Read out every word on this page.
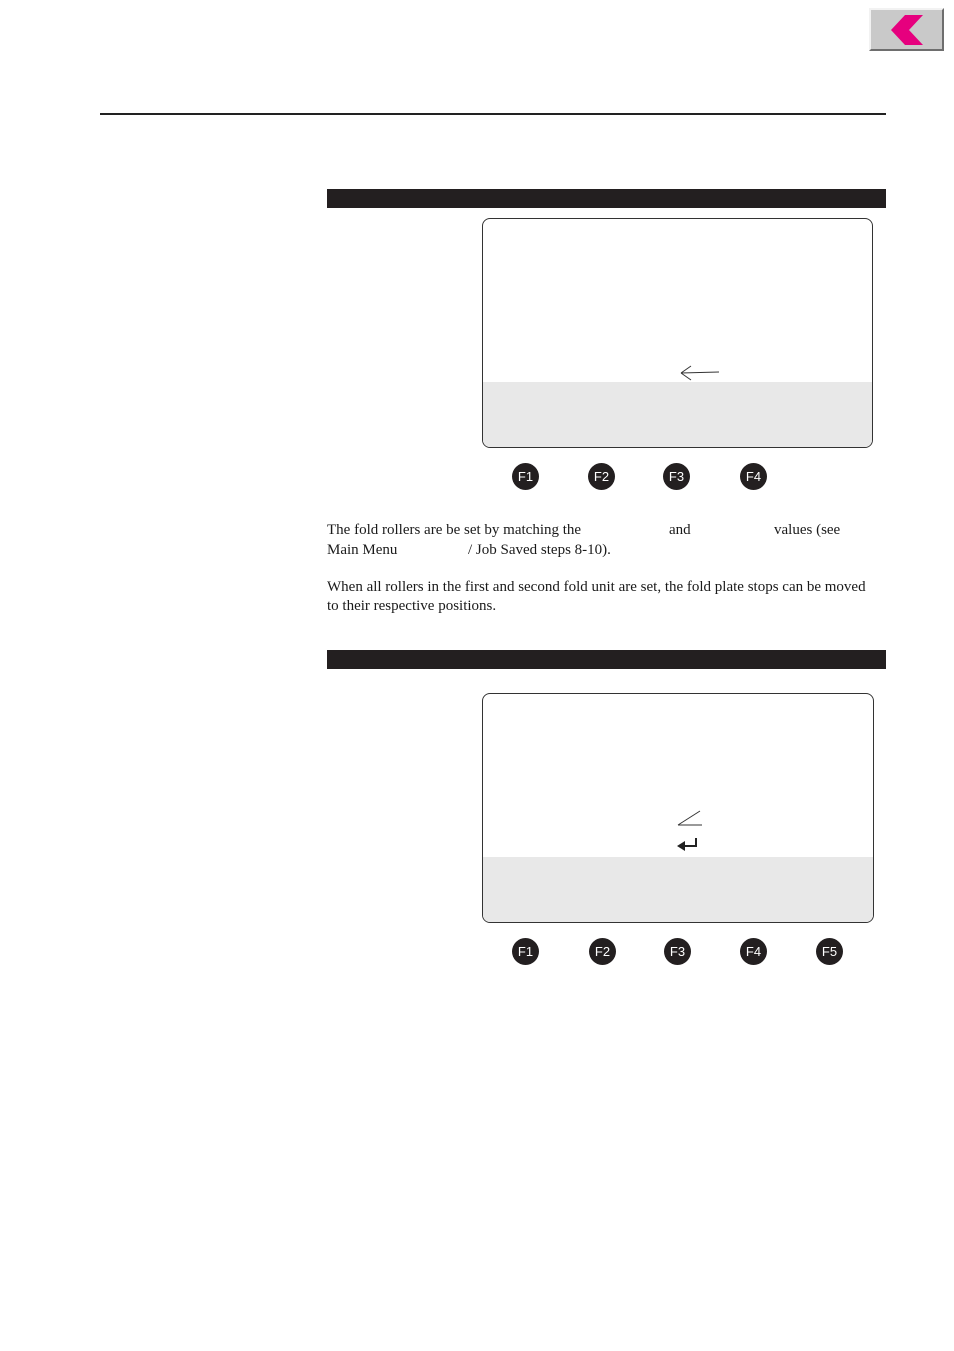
F1	F2	F3	F4
The fold rollers are be set by matching the	and	values (see
Main Menu	/ Job Saved steps 8-10).

When all rollers in the first and second fold unit are set, the fold plate stops can be moved to their respective positions.

F1	F2	F3	F4	F5
